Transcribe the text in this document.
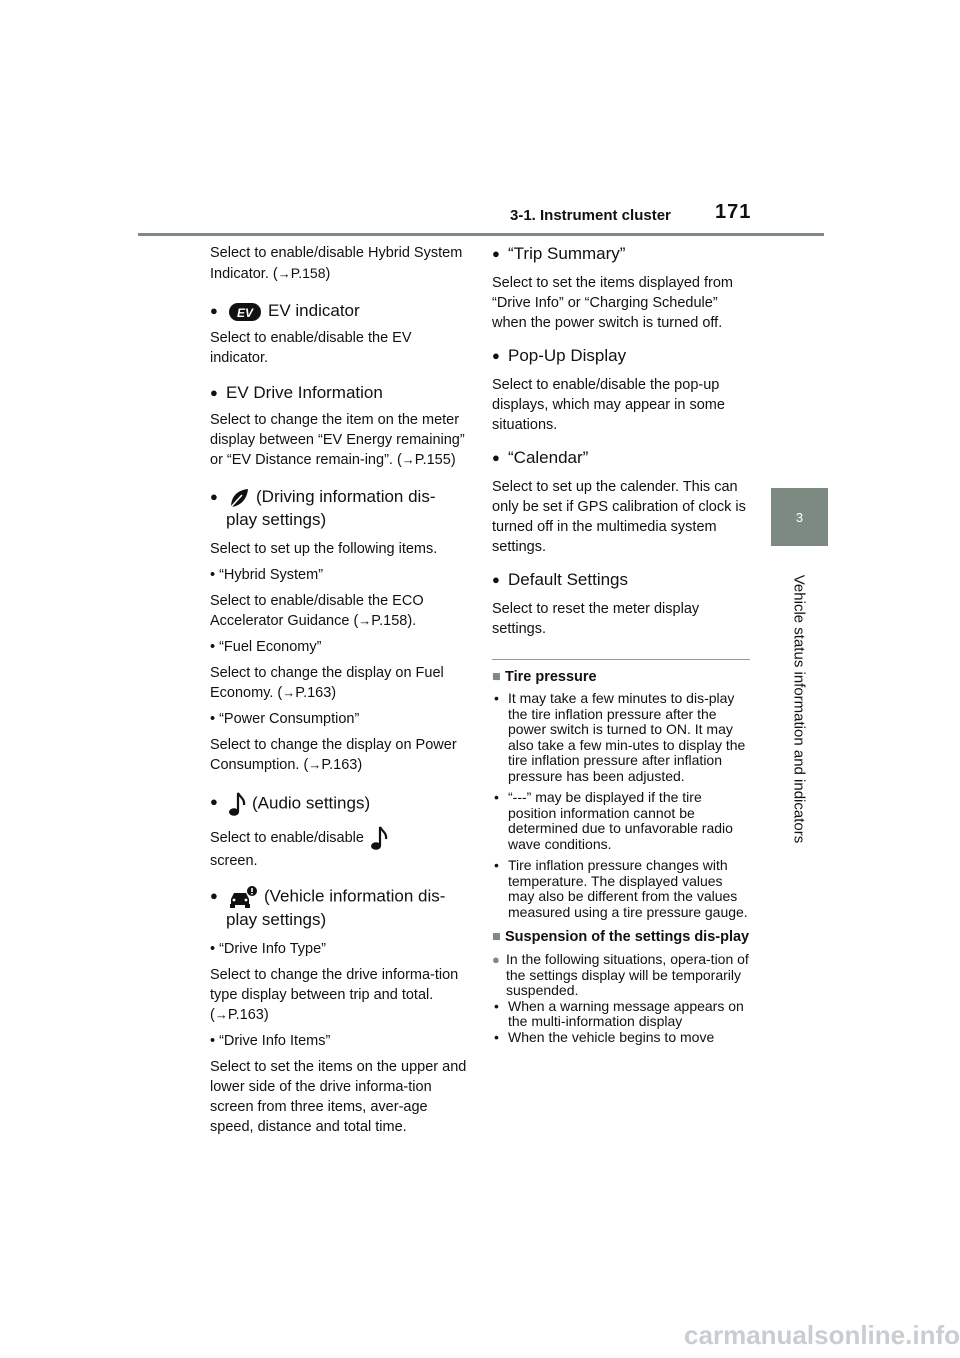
3-1. Instrument cluster 171
3
Vehicle status information and indicators

Select to enable/disable Hybrid System Indicator. (→P.158)

●	EV EV indicator

Select to enable/disable the EV indicator.

● EV Drive Information

Select to change the item on the meter display between “EV Energy remaining” or “EV Distance remain-ing”. (→P.155)

●	(Driving information dis-
play settings)

Select to set up the following items.

• “Hybrid System”

Select to enable/disable the ECO Accelerator Guidance (→P.158).

• “Fuel Economy”

Select to change the display on Fuel Economy. (→P.163)

• “Power Consumption”

Select to change the display on Power Consumption. (→P.163)

●	(Audio settings)

Select to enable/disable
screen.

●	(Vehicle information dis-
play settings)

• “Drive Info Type”

Select to change the drive informa-tion type display between trip and total. (→P.163)

• “Drive Info Items”

Select to set the items on the upper and lower side of the drive informa-tion screen from three items, aver-age speed, distance and total time.

● “Trip Summary”

Select to set the items displayed from “Drive Info” or “Charging Schedule” when the power switch is turned off.

● Pop-Up Display

Select to enable/disable the pop-up displays, which may appear in some situations.

● “Calendar”

Select to set up the calender. This can only be set if GPS calibration of clock is turned off in the multimedia system settings.

● Default Settings

Select to reset the meter display settings.

■ Tire pressure

• It may take a few minutes to dis-play the tire inflation pressure after the power switch is turned to ON. It may also take a few min-utes to display the tire inflation pressure after inflation pressure has been adjusted.

• “---” may be displayed if the tire position information cannot be determined due to unfavorable radio wave conditions.

• Tire inflation pressure changes with temperature. The displayed values may also be different from the values measured using a tire pressure gauge.

■ Suspension of the settings dis-play

● In the following situations, opera-tion of the settings display will be temporarily suspended.

• When a warning message appears on the multi-information display

• When the vehicle begins to move

carmanualsonline.info
